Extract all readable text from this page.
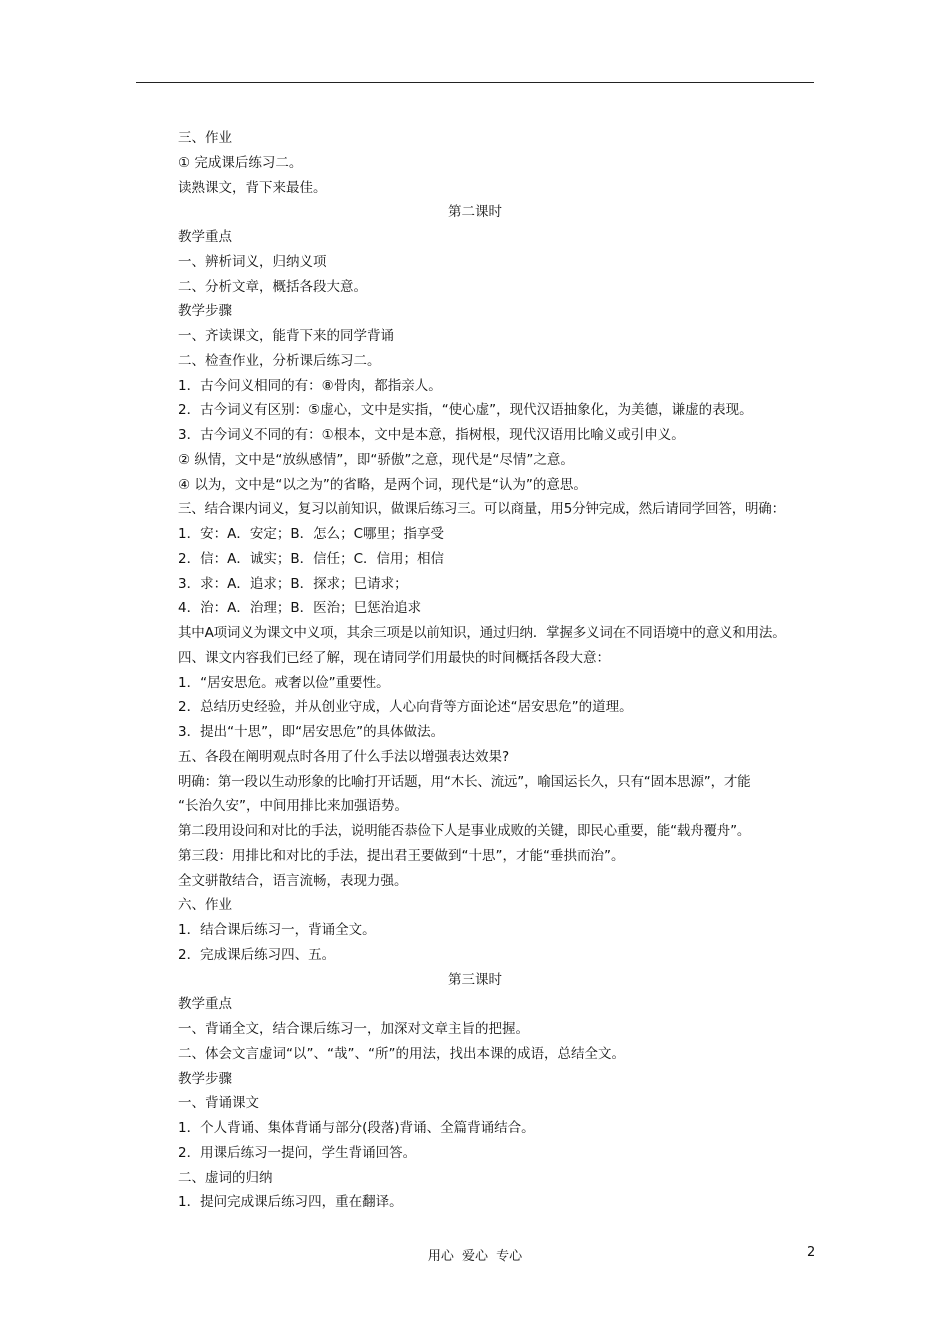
三、作业
① 完成课后练习二。
读熟课文，背下来最佳。
第二课时
教学重点
一、辨析词义，归纳义项
二、分析文章，概括各段大意。
教学步骤
一、齐读课文，能背下来的同学背诵
二、检查作业，分析课后练习二。
1．古今问义相同的有：⑧骨肉，都指亲人。
2．古今词义有区别：⑤虚心，文中是实指，“使心虚”，现代汉语抽象化，为美德，谦虚的表现。
3．古今词义不同的有：①根本，文中是本意，指树根，现代汉语用比喻义或引申义。
② 纵情，文中是“放纵感情”，即“骄傲”之意，现代是“尽情”之意。
④ 以为，文中是“以之为”的省略，是两个词，现代是“认为”的意思。
三、结合课内词义，复习以前知识，做课后练习三。可以商量，用5分钟完成，然后请同学回答，明确：
1．安：A．安定；B．怎么；C哪里；指享受
2．信：A．诚实；B．信任；C．信用；相信
3．求：A．追求；B．探求；巳请求；
4．治：A．治理；B．医治；巳惩治追求
其中A项词义为课文中义项，其余三项是以前知识，通过归纳．掌握多义词在不同语境中的意义和用法。
四、课文内容我们已经了解，现在请同学们用最快的时间概括各段大意：
1．“居安思危。戒奢以俭”重要性。
2．总结历史经验，并从创业守成，人心向背等方面论述“居安思危”的道理。
3．提出“十思”，即“居安思危”的具体做法。
五、各段在阐明观点时各用了什么手法以增强表达效果?
明确：第一段以生动形象的比喻打开话题，用“木长、流远”，喻国运长久，只有“固本思源”，才能
“长治久安”，中间用排比来加强语势。
第二段用设问和对比的手法，说明能否恭俭下人是事业成败的关键，即民心重要，能“载舟覆舟”。
第三段：用排比和对比的手法，提出君王要做到“十思”，才能“垂拱而治”。
全文骈散结合，语言流畅，表现力强。
六、作业
1．结合课后练习一，背诵全文。
2．完成课后练习四、五。
第三课时
教学重点
一、背诵全文，结合课后练习一，加深对文章主旨的把握。
二、体会文言虚词“以”、“哉”、“所”的用法，找出本课的成语，总结全文。
教学步骤
一、背诵课文
1．个人背诵、集体背诵与部分(段落)背诵、全篇背诵结合。
2．用课后练习一提问，学生背诵回答。
二、虚词的归纳
1．提问完成课后练习四，重在翻译。
用心 爱心 专心	2
